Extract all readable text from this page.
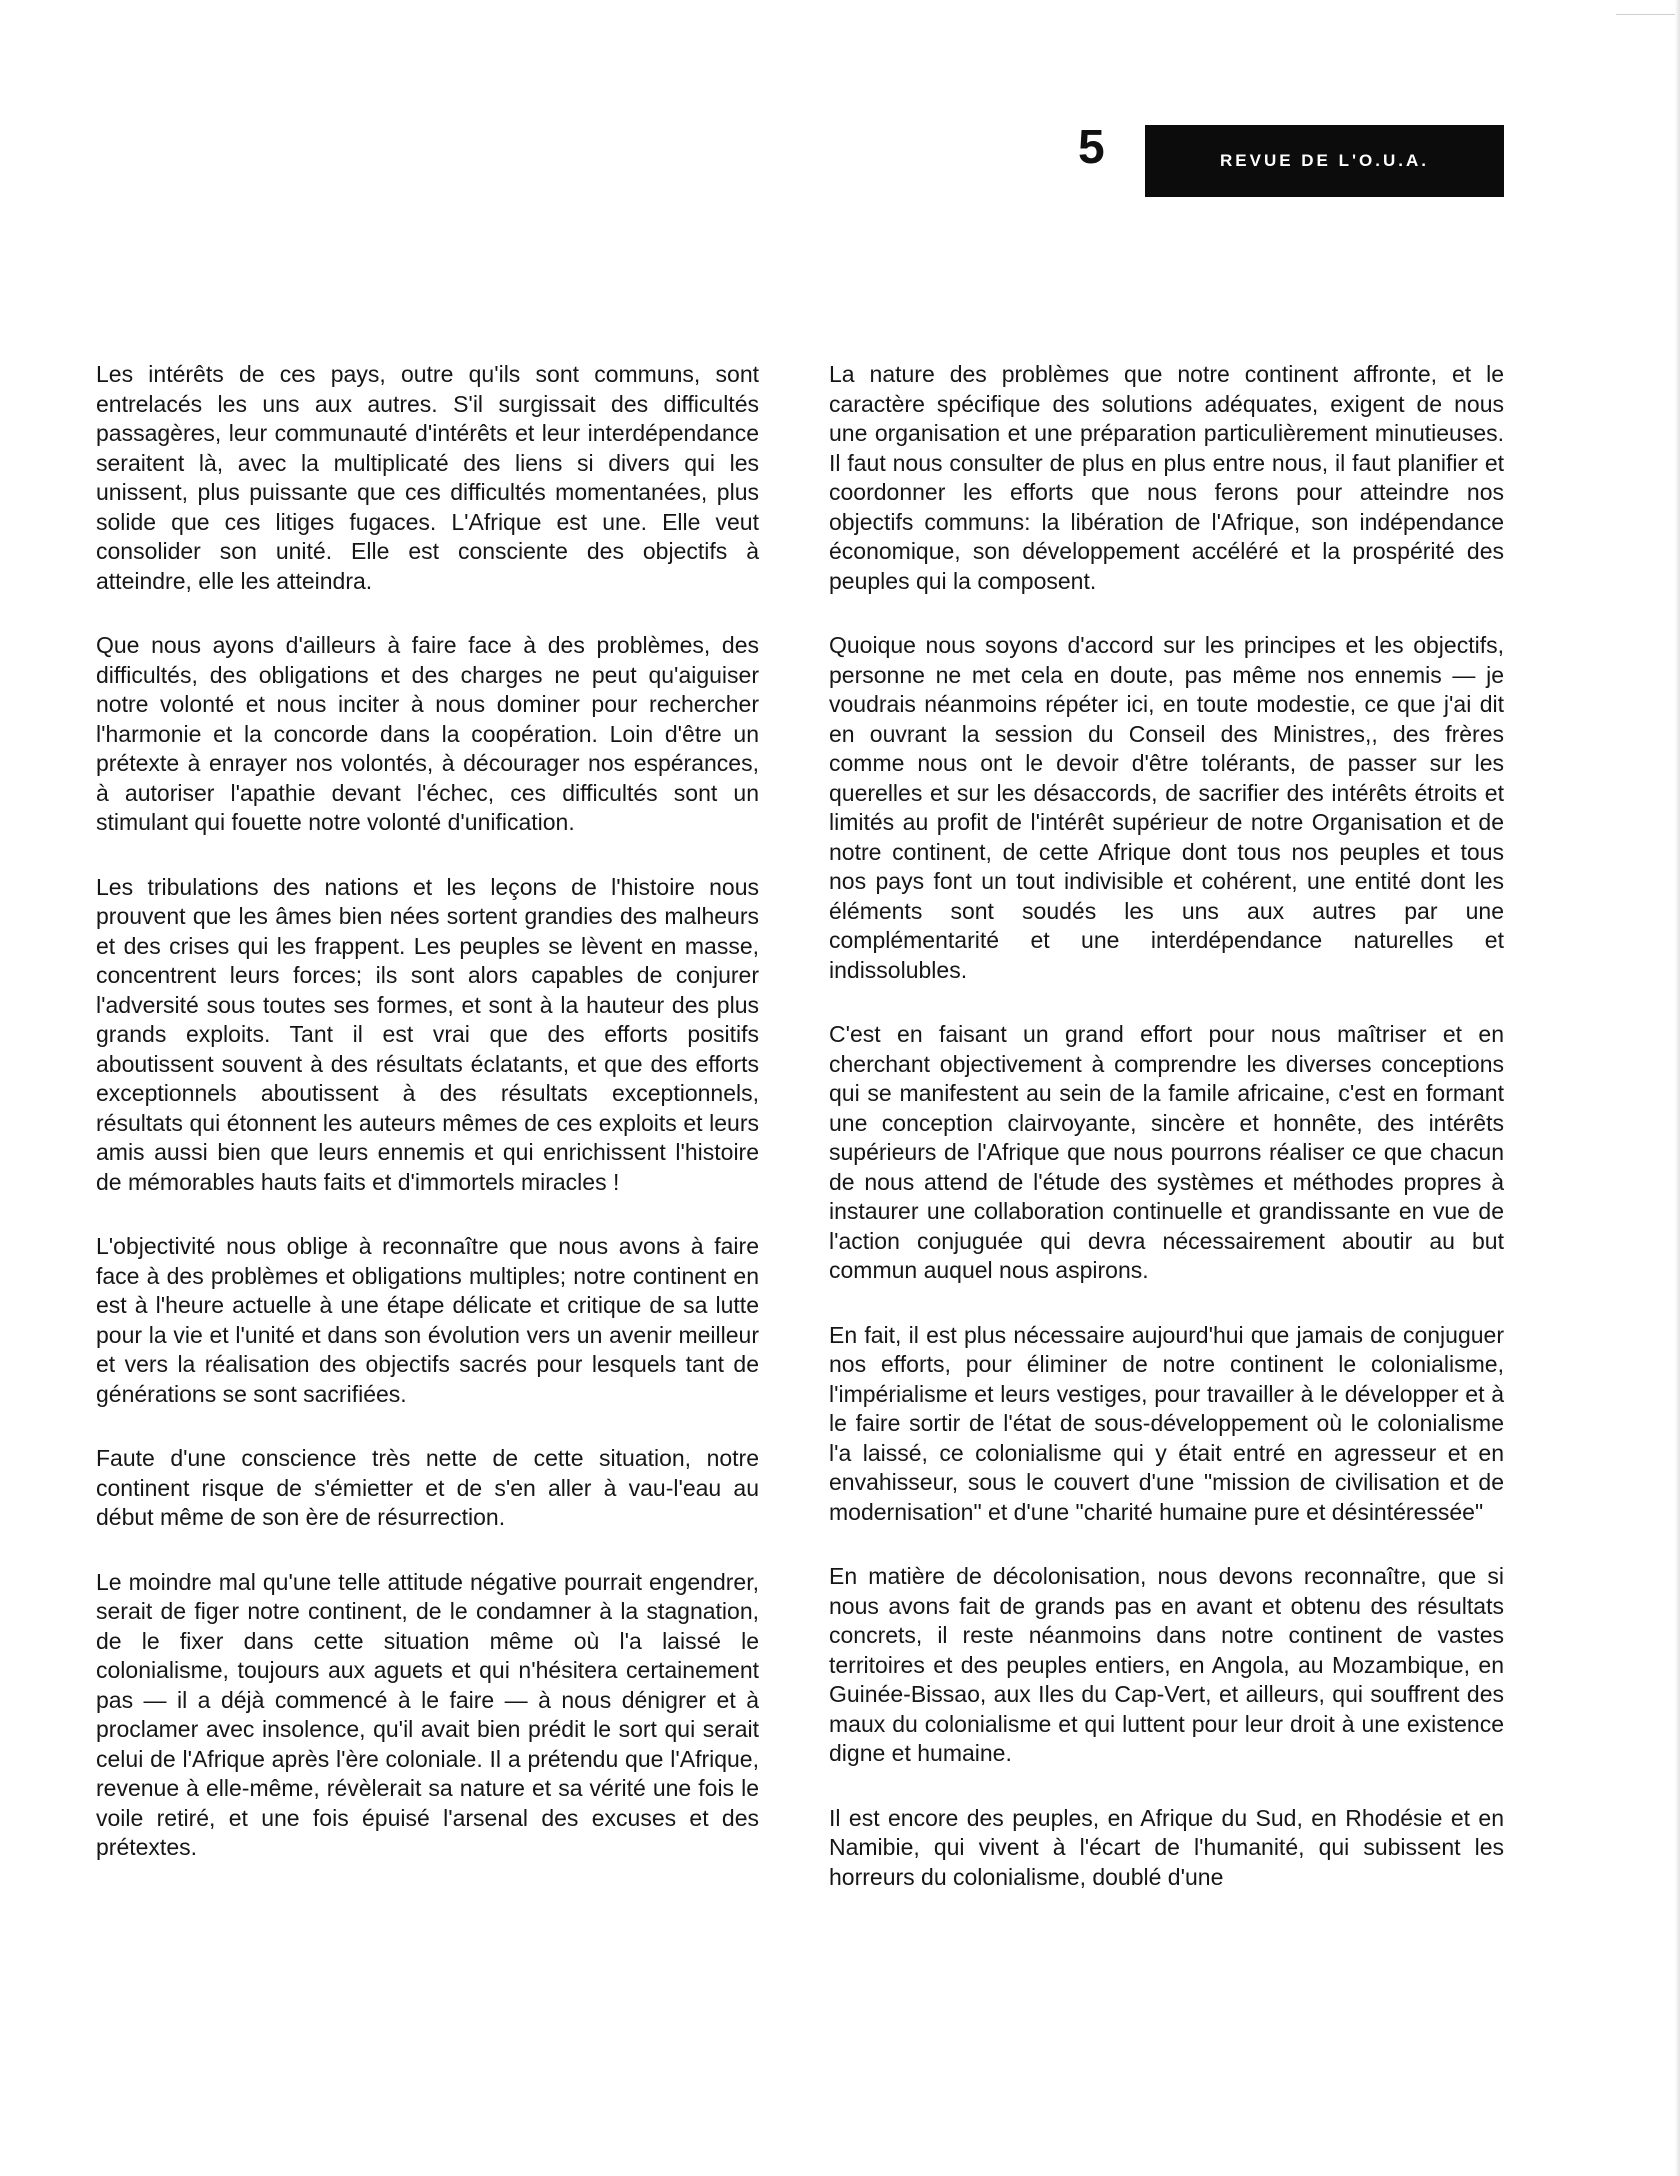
5	REVUE DE L'O.U.A.

Les intérêts de ces pays, outre qu'ils sont communs, sont entrelacés les uns aux autres. S'il surgissait des difficultés passagères, leur communauté d'intérêts et leur interdépendance seraitent là, avec la multiplicaté des liens si divers qui les unissent, plus puissante que ces difficultés momentanées, plus solide que ces litiges fugaces. L'Afrique est une. Elle veut consolider son unité. Elle est consciente des objectifs à atteindre, elle les atteindra.

Que nous ayons d'ailleurs à faire face à des problèmes, des difficultés, des obligations et des charges ne peut qu'aiguiser notre volonté et nous inciter à nous dominer pour rechercher l'harmonie et la concorde dans la coopération. Loin d'être un prétexte à enrayer nos volontés, à décourager nos espérances, à autoriser l'apathie devant l'échec, ces difficultés sont un stimulant qui fouette notre volonté d'unification.

Les tribulations des nations et les leçons de l'histoire nous prouvent que les âmes bien nées sortent grandies des malheurs et des crises qui les frappent. Les peuples se lèvent en masse, concentrent leurs forces; ils sont alors capables de conjurer l'adversité sous toutes ses formes, et sont à la hauteur des plus grands exploits. Tant il est vrai que des efforts positifs aboutissent souvent à des résultats éclatants, et que des efforts exceptionnels aboutissent à des résultats exceptionnels, résultats qui étonnent les auteurs mêmes de ces exploits et leurs amis aussi bien que leurs ennemis et qui enrichissent l'histoire de mémorables hauts faits et d'immortels miracles !

L'objectivité nous oblige à reconnaître que nous avons à faire face à des problèmes et obligations multiples; notre continent en est à l'heure actuelle à une étape délicate et critique de sa lutte pour la vie et l'unité et dans son évolution vers un avenir meilleur et vers la réalisation des objectifs sacrés pour lesquels tant de générations se sont sacrifiées.

Faute d'une conscience très nette de cette situation, notre continent risque de s'émietter et de s'en aller à vau-l'eau au début même de son ère de résurrection.

Le moindre mal qu'une telle attitude négative pourrait engendrer, serait de figer notre continent, de le condamner à la stagnation, de le fixer dans cette situation même où l'a laissé le colonialisme, toujours aux aguets et qui n'hésitera certainement pas — il a déjà commencé à le faire — à nous dénigrer et à proclamer avec insolence, qu'il avait bien prédit le sort qui serait celui de l'Afrique après l'ère coloniale. Il a prétendu que l'Afrique, revenue à elle-même, révèlerait sa nature et sa vérité une fois le voile retiré, et une fois épuisé l'arsenal des excuses et des prétextes.

La nature des problèmes que notre continent affronte, et le caractère spécifique des solutions adéquates, exigent de nous une organisation et une préparation particulièrement minutieuses. Il faut nous consulter de plus en plus entre nous, il faut planifier et coordonner les efforts que nous ferons pour atteindre nos objectifs communs: la libération de l'Afrique, son indépendance économique, son développement accéléré et la prospérité des peuples qui la composent.

Quoique nous soyons d'accord sur les principes et les objectifs, personne ne met cela en doute, pas même nos ennemis — je voudrais néanmoins répéter ici, en toute modestie, ce que j'ai dit en ouvrant la session du Conseil des Ministres,, des frères comme nous ont le devoir d'être tolérants, de passer sur les querelles et sur les désaccords, de sacrifier des intérêts étroits et limités au profit de l'intérêt supérieur de notre Organisation et de notre continent, de cette Afrique dont tous nos peuples et tous nos pays font un tout indivisible et cohérent, une entité dont les éléments sont soudés les uns aux autres par une complémentarité et une interdépendance naturelles et indissolubles.

C'est en faisant un grand effort pour nous maîtriser et en cherchant objectivement à comprendre les diverses conceptions qui se manifestent au sein de la famile africaine, c'est en formant une conception clairvoyante, sincère et honnête, des intérêts supérieurs de l'Afrique que nous pourrons réaliser ce que chacun de nous attend de l'étude des systèmes et méthodes propres à instaurer une collaboration continuelle et grandissante en vue de l'action conjuguée qui devra nécessairement aboutir au but commun auquel nous aspirons.

En fait, il est plus nécessaire aujourd'hui que jamais de conjuguer nos efforts, pour éliminer de notre continent le colonialisme, l'impérialisme et leurs vestiges, pour travailler à le développer et à le faire sortir de l'état de sous-développement où le colonialisme l'a laissé, ce colonialisme qui y était entré en agresseur et en envahisseur, sous le couvert d'une "mission de civilisation et de modernisation" et d'une "charité humaine pure et désintéressée"

En matière de décolonisation, nous devons reconnaître, que si nous avons fait de grands pas en avant et obtenu des résultats concrets, il reste néanmoins dans notre continent de vastes territoires et des peuples entiers, en Angola, au Mozambique, en Guinée-Bissao, aux Iles du Cap-Vert, et ailleurs, qui souffrent des maux du colonialisme et qui luttent pour leur droit à une existence digne et humaine.

Il est encore des peuples, en Afrique du Sud, en Rhodésie et en Namibie, qui vivent à l'écart de l'humanité, qui subissent les horreurs du colonialisme, doublé d'une
